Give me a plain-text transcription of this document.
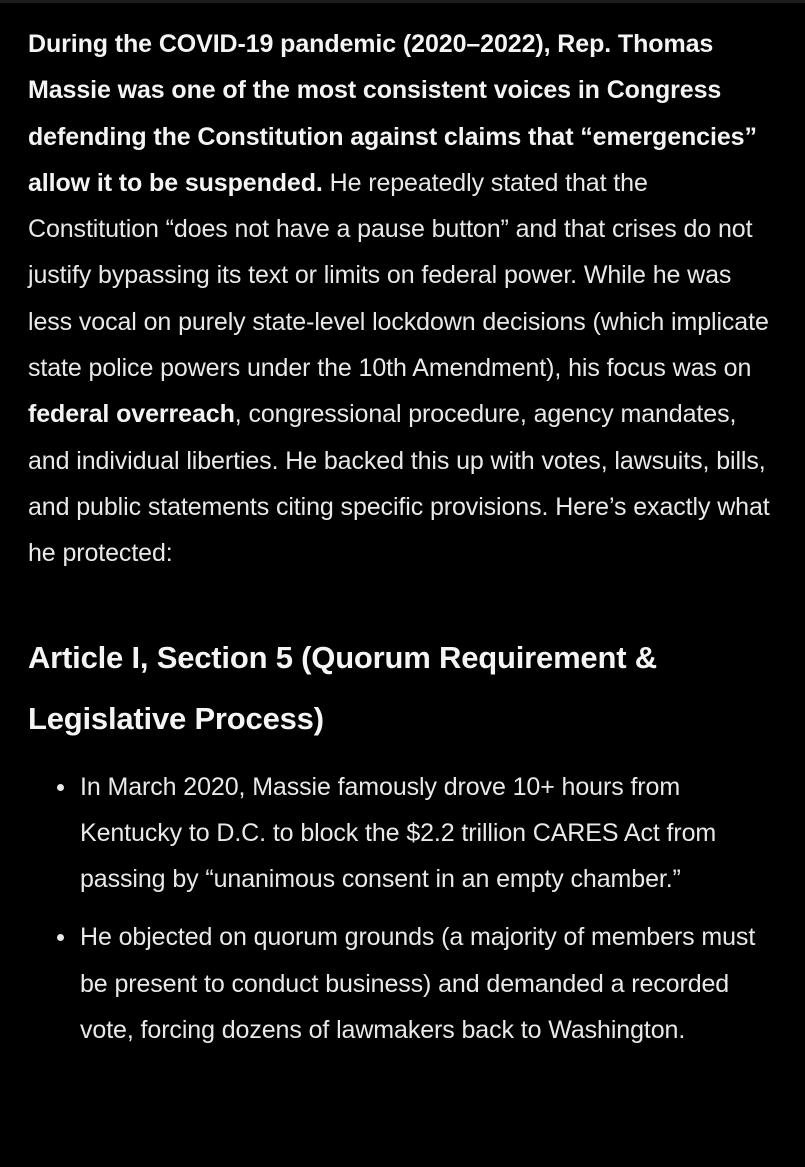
During the COVID-19 pandemic (2020–2022), Rep. Thomas Massie was one of the most consistent voices in Congress defending the Constitution against claims that “emergencies” allow it to be suspended. He repeatedly stated that the Constitution “does not have a pause button” and that crises do not justify bypassing its text or limits on federal power. While he was less vocal on purely state-level lockdown decisions (which implicate state police powers under the 10th Amendment), his focus was on federal overreach, congressional procedure, agency mandates, and individual liberties. He backed this up with votes, lawsuits, bills, and public statements citing specific provisions. Here’s exactly what he protected:

Article I, Section 5 (Quorum Requirement & Legislative Process)
In March 2020, Massie famously drove 10+ hours from Kentucky to D.C. to block the $2.2 trillion CARES Act from passing by “unanimous consent in an empty chamber.”
He objected on quorum grounds (a majority of members must be present to conduct business) and demanded a recorded vote, forcing dozens of lawmakers back to Washington.
